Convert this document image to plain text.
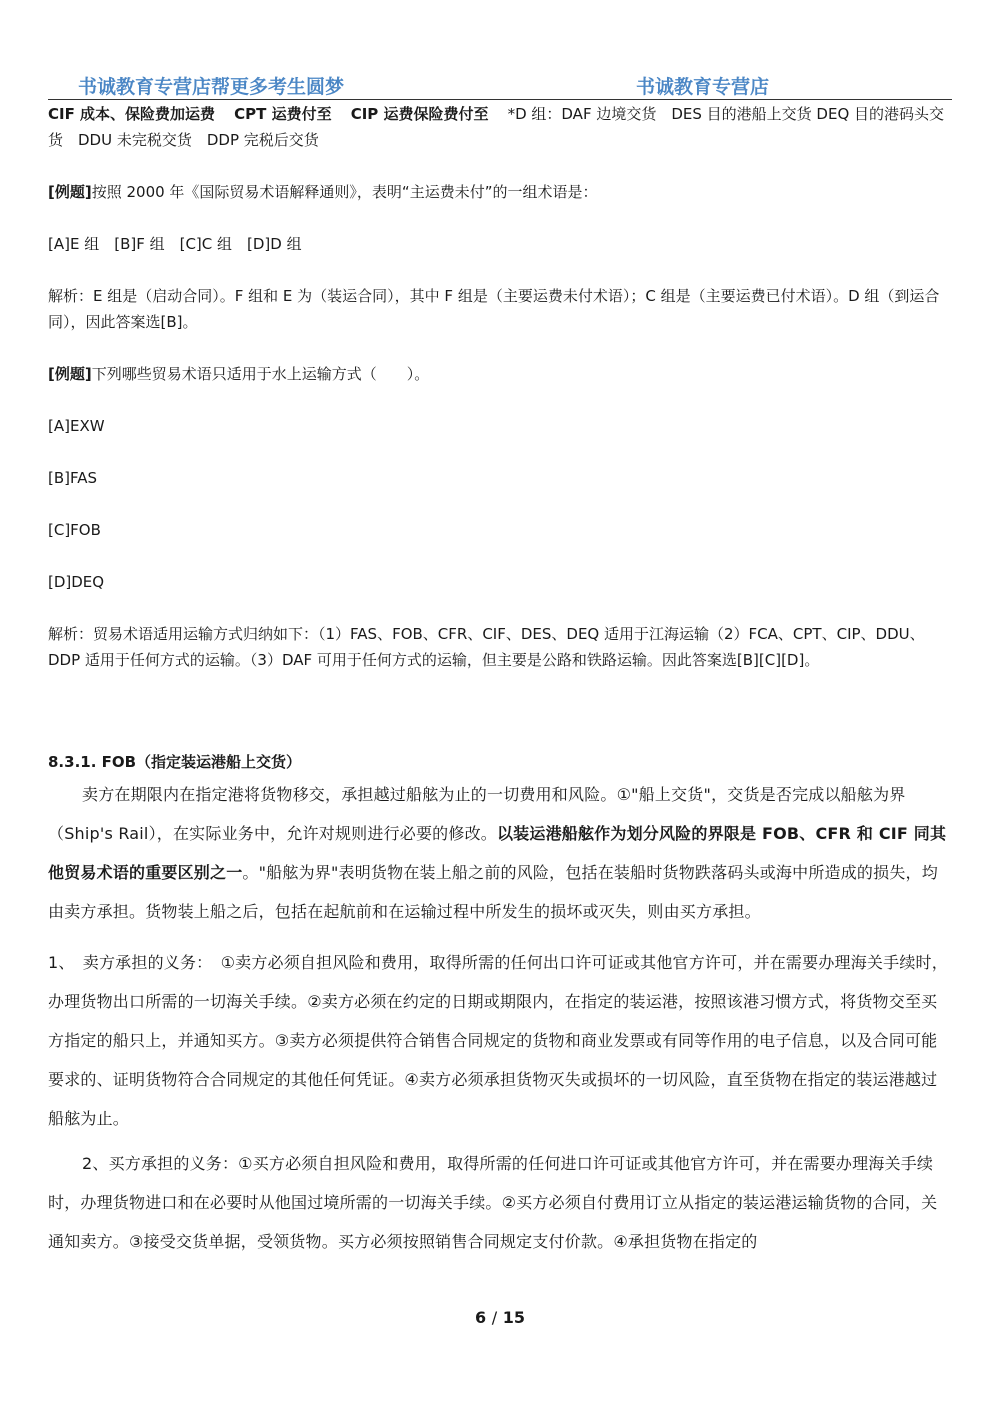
书诚教育专营店帮更多考生圆梦	书诚教育专营店

CIF 成本、保险费加运费 CPT 运费付至 CIP 运费保险费付至 *D 组：DAF 边境交货　DES 目的港船上交货 DEQ 目的港码头交货　DDU 未完税交货　DDP 完税后交货

[例题]按照 2000 年《国际贸易术语解释通则》，表明“主运费未付”的一组术语是：

[A]E 组　[B]F 组　[C]C 组　[D]D 组

解析：E 组是（启动合同）。F 组和 E 为（装运合同），其中 F 组是（主要运费未付术语）；C 组是（主要运费已付术语）。D 组（到运合同），因此答案选[B]。

[例题]下列哪些贸易术语只适用于水上运输方式（　　）。

[A]EXW

[B]FAS

[C]FOB

[D]DEQ

解析：贸易术语适用运输方式归纳如下：（1）FAS、FOB、CFR、CIF、DES、DEQ 适用于江海运输（2）FCA、CPT、CIP、DDU、DDP 适用于任何方式的运输。（3）DAF 可用于任何方式的运输，但主要是公路和铁路运输。因此答案选[B][C][D]。

8.3.1. FOB（指定装运港船上交货）

卖方在期限内在指定港将货物移交，承担越过船舷为止的一切费用和风险。①"船上交货"，交货是否完成以船舷为界（Ship's Rail），在实际业务中，允许对规则进行必要的修改。以装运港船舷作为划分风险的界限是 FOB、CFR 和 CIF 同其他贸易术语的重要区别之一。"船舷为界"表明货物在装上船之前的风险，包括在装船时货物跌落码头或海中所造成的损失，均由卖方承担。货物装上船之后，包括在起航前和在运输过程中所发生的损坏或灭失，则由买方承担。

1、　卖方承担的义务：　①卖方必须自担风险和费用，取得所需的任何出口许可证或其他官方许可，并在需要办理海关手续时，办理货物出口所需的一切海关手续。②卖方必须在约定的日期或期限内，在指定的装运港，按照该港习惯方式，将货物交至买方指定的船只上，并通知买方。③卖方必须提供符合销售合同规定的货物和商业发票或有同等作用的电子信息，以及合同可能要求的、证明货物符合合同规定的其他任何凭证。④卖方必须承担货物灭失或损坏的一切风险，直至货物在指定的装运港越过船舷为止。

2、买方承担的义务：①买方必须自担风险和费用，取得所需的任何进口许可证或其他官方许可，并在需要办理海关手续时，办理货物进口和在必要时从他国过境所需的一切海关手续。②买方必须自付费用订立从指定的装运港运输货物的合同，关通知卖方。③接受交货单据，受领货物。买方必须按照销售合同规定支付价款。④承担货物在指定的

6 / 15
